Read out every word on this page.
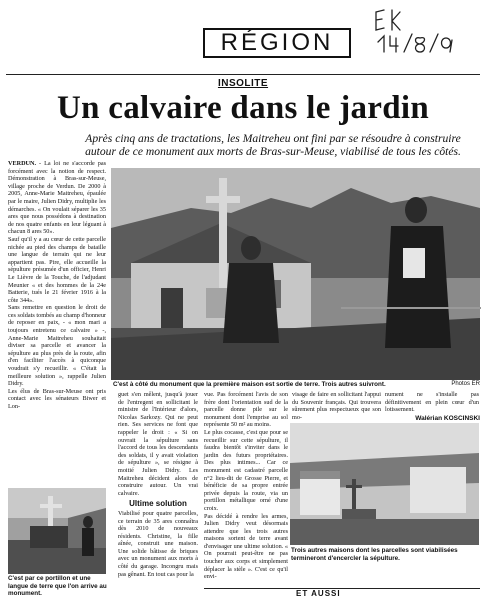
RÉGION
INSOLITE
Un calvaire dans le jardin
Après cinq ans de tractations, les Maitrehеu ont fini par se résoudre à construire autour de ce monument aux morts de Bras-sur-Meuse, viabilisé de tous les côtés.

VERDUN. - La loi ne s'accorde pas forcément avec la notion de respect. Démonstration à Bras-sur-Meuse, village proche de Verdun. De 2000 à 2005, Anne-Marie Maitrehеu, épaulée par le maire, Julien Didry, multiplie les démarches. « On voulait séparer les 35 ares que nous possédons à destination de nos quatre enfants en leur léguant à chacun 8 ares 50».

Sauf qu'il y a au cœur de cette parcelle nichée au pied des champs de bataille une langue de terrain qui ne leur appartient pas. Pire, elle accueille la sépulture présumée d'un officier, Henri Le Lièvre de la Touche, de l'adjudant Meunier « et des hommes de la 24e Batterie, tués le 21 février 1916 à la côte 344».

Sans remettre en question le droit de ces soldats tombés au champ d'honneur de reposer en paix, - « mon mari a toujours entretenu ce calvaire » -, Anne-Marie Maitrehеu souhaitait diviser sa parcelle et avancer la sépulture au plus près de la route, afin d'en faciliter l'accès à quiconque voudrait s'y recueillir. « C'était la meilleure solution », rappelle Julien Didry.

Les élus de Bras-sur-Meuse ont pris contact avec les sénateurs Biwer et Lon-

C'est à côté du monument que la première maison est sortie de terre. Trois autres suivront.	Photos ER

guet s'en mêlent, jusqu'à jouer de l'entregent en sollicitant le ministre de l'Intérieur d'alors, Nicolas Sarkozy. Qui ne peut rien. Ses services ne font que rappeler le droit : « Si on ouvrait la sépulture sans l'accord de tous les descendants des soldats, il y avait violation de sépulture », se résigne à moitié Julien Didry. Les Maitrehеu décident alors de construire autour. Un vrai calvaire.

Ultime solution

Viabilisé pour quatre parcelles, ce terrain de 35 ares connaîtra dès 2010 de nouveaux résidents. Christine, la fille aînée, construit une maison. Une solide bâtisse de briques avec un monument aux morts à côté du garage. Incongru mais pas gênant. En tout cas pour la

vue. Pas forcément l'avis de son frère dont l'orientation sud de la parcelle donne pile sur le monument dont l'emprise au sol représente 50 m² au moins.

Le plus cocasse, c'est que pour se recueillir sur cette sépulture, il faudra bientôt s'inviter dans le jardin des futurs propriétaires. Des plus intimes... Car ce monument est cadastré parcelle n°2 lieu-dit de Grosse Pierre, et bénéficie de sa propre entrée privée depuis la route, via un portillon métallique orné d'une croix.

Pas décidé à rendre les armes, Julien Didry veut désormais attendre que les trois autres maisons sortent de terre avant d'envisager une ultime solution. « On pourrait peut-être ne pas toucher aux corps et simplement déplacer la stèle ». C'est ce qu'il envi-

visage de faire en sollicitant l'appui du Souvenir français. Qui trouvera sûrement plus respectueux que son mo-

nument ne s'installe pas définitivement en plein cœur d'un lotissement.

Walérian KOSCINSKI
C'est par ce portillon et une langue de terre que l'on arrive au monument.
Trois autres maisons dont les parcelles sont viabilisées termineront d'encercler la sépulture.
ET AUSSI
